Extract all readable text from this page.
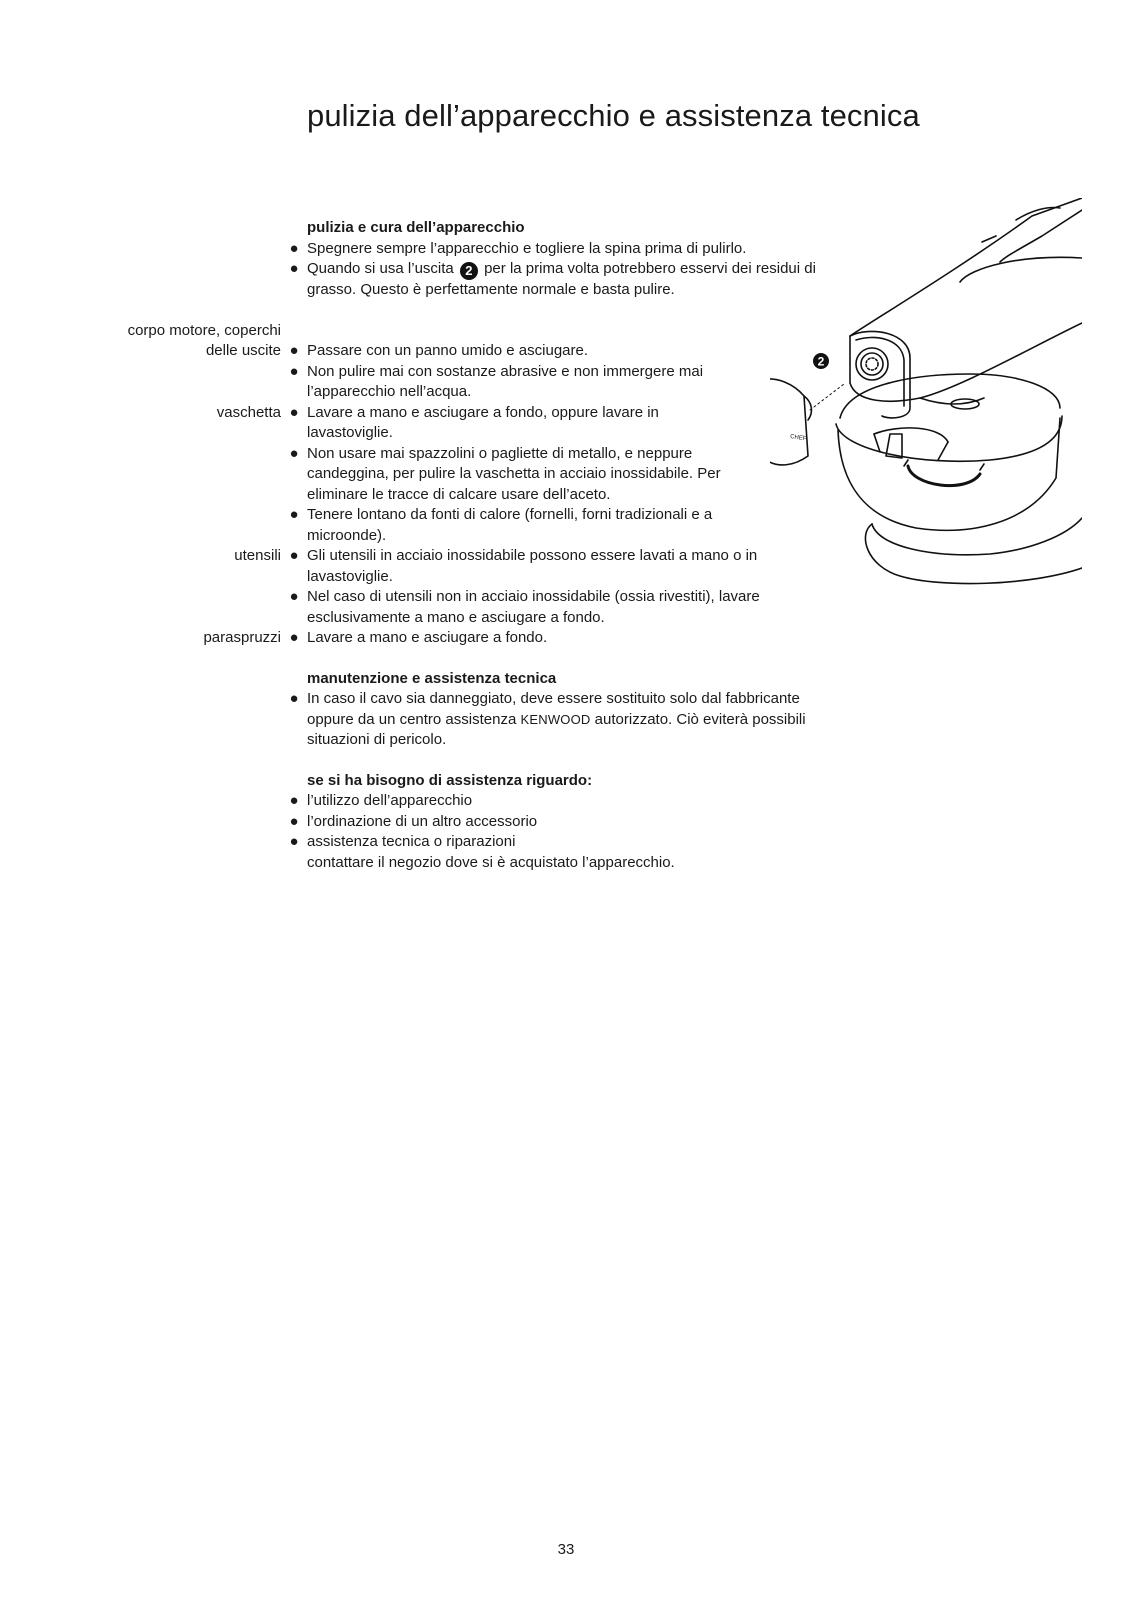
pulizia dell’apparecchio e assistenza tecnica

pulizia e cura dell’apparecchio

● Spegnere sempre l’apparecchio e togliere la spina prima di pulirlo.
● Quando si usa l’uscita 2 per la prima volta potrebbero esservi dei residui di grasso. Questo è perfettamente normale e basta pulire.
corpo motore, coperchi
delle uscite ● Passare con un panno umido e asciugare.
● Non pulire mai con sostanze abrasive e non immergere mai l’apparecchio nell’acqua.
vaschetta ● Lavare a mano e asciugare a fondo, oppure lavare in lavastoviglie.
● Non usare mai spazzolini o pagliette di metallo, e neppure candeggina, per pulire la vaschetta in acciaio inossidabile. Per eliminare le tracce di calcare usare dell’aceto.
● Tenere lontano da fonti di calore (fornelli, forni tradizionali e a microonde).
utensili ● Gli utensili in acciaio inossidabile possono essere lavati a mano o in lavastoviglie.
● Nel caso di utensili non in acciaio inossidabile (ossia rivestiti), lavare esclusivamente a mano e asciugare a fondo.
paraspruzzi ● Lavare a mano e asciugare a fondo.

manutenzione e assistenza tecnica

● In caso il cavo sia danneggiato, deve essere sostituito solo dal fabbricante oppure da un centro assistenza KENWOOD autorizzato. Ciò eviterà possibili situazioni di pericolo.

se si ha bisogno di assistenza riguardo:

● l’utilizzo dell’apparecchio
● l’ordinazione di un altro accessorio
● assistenza tecnica o riparazioni
contattare il negozio dove si è acquistato l’apparecchio.
2
CHEF
33
